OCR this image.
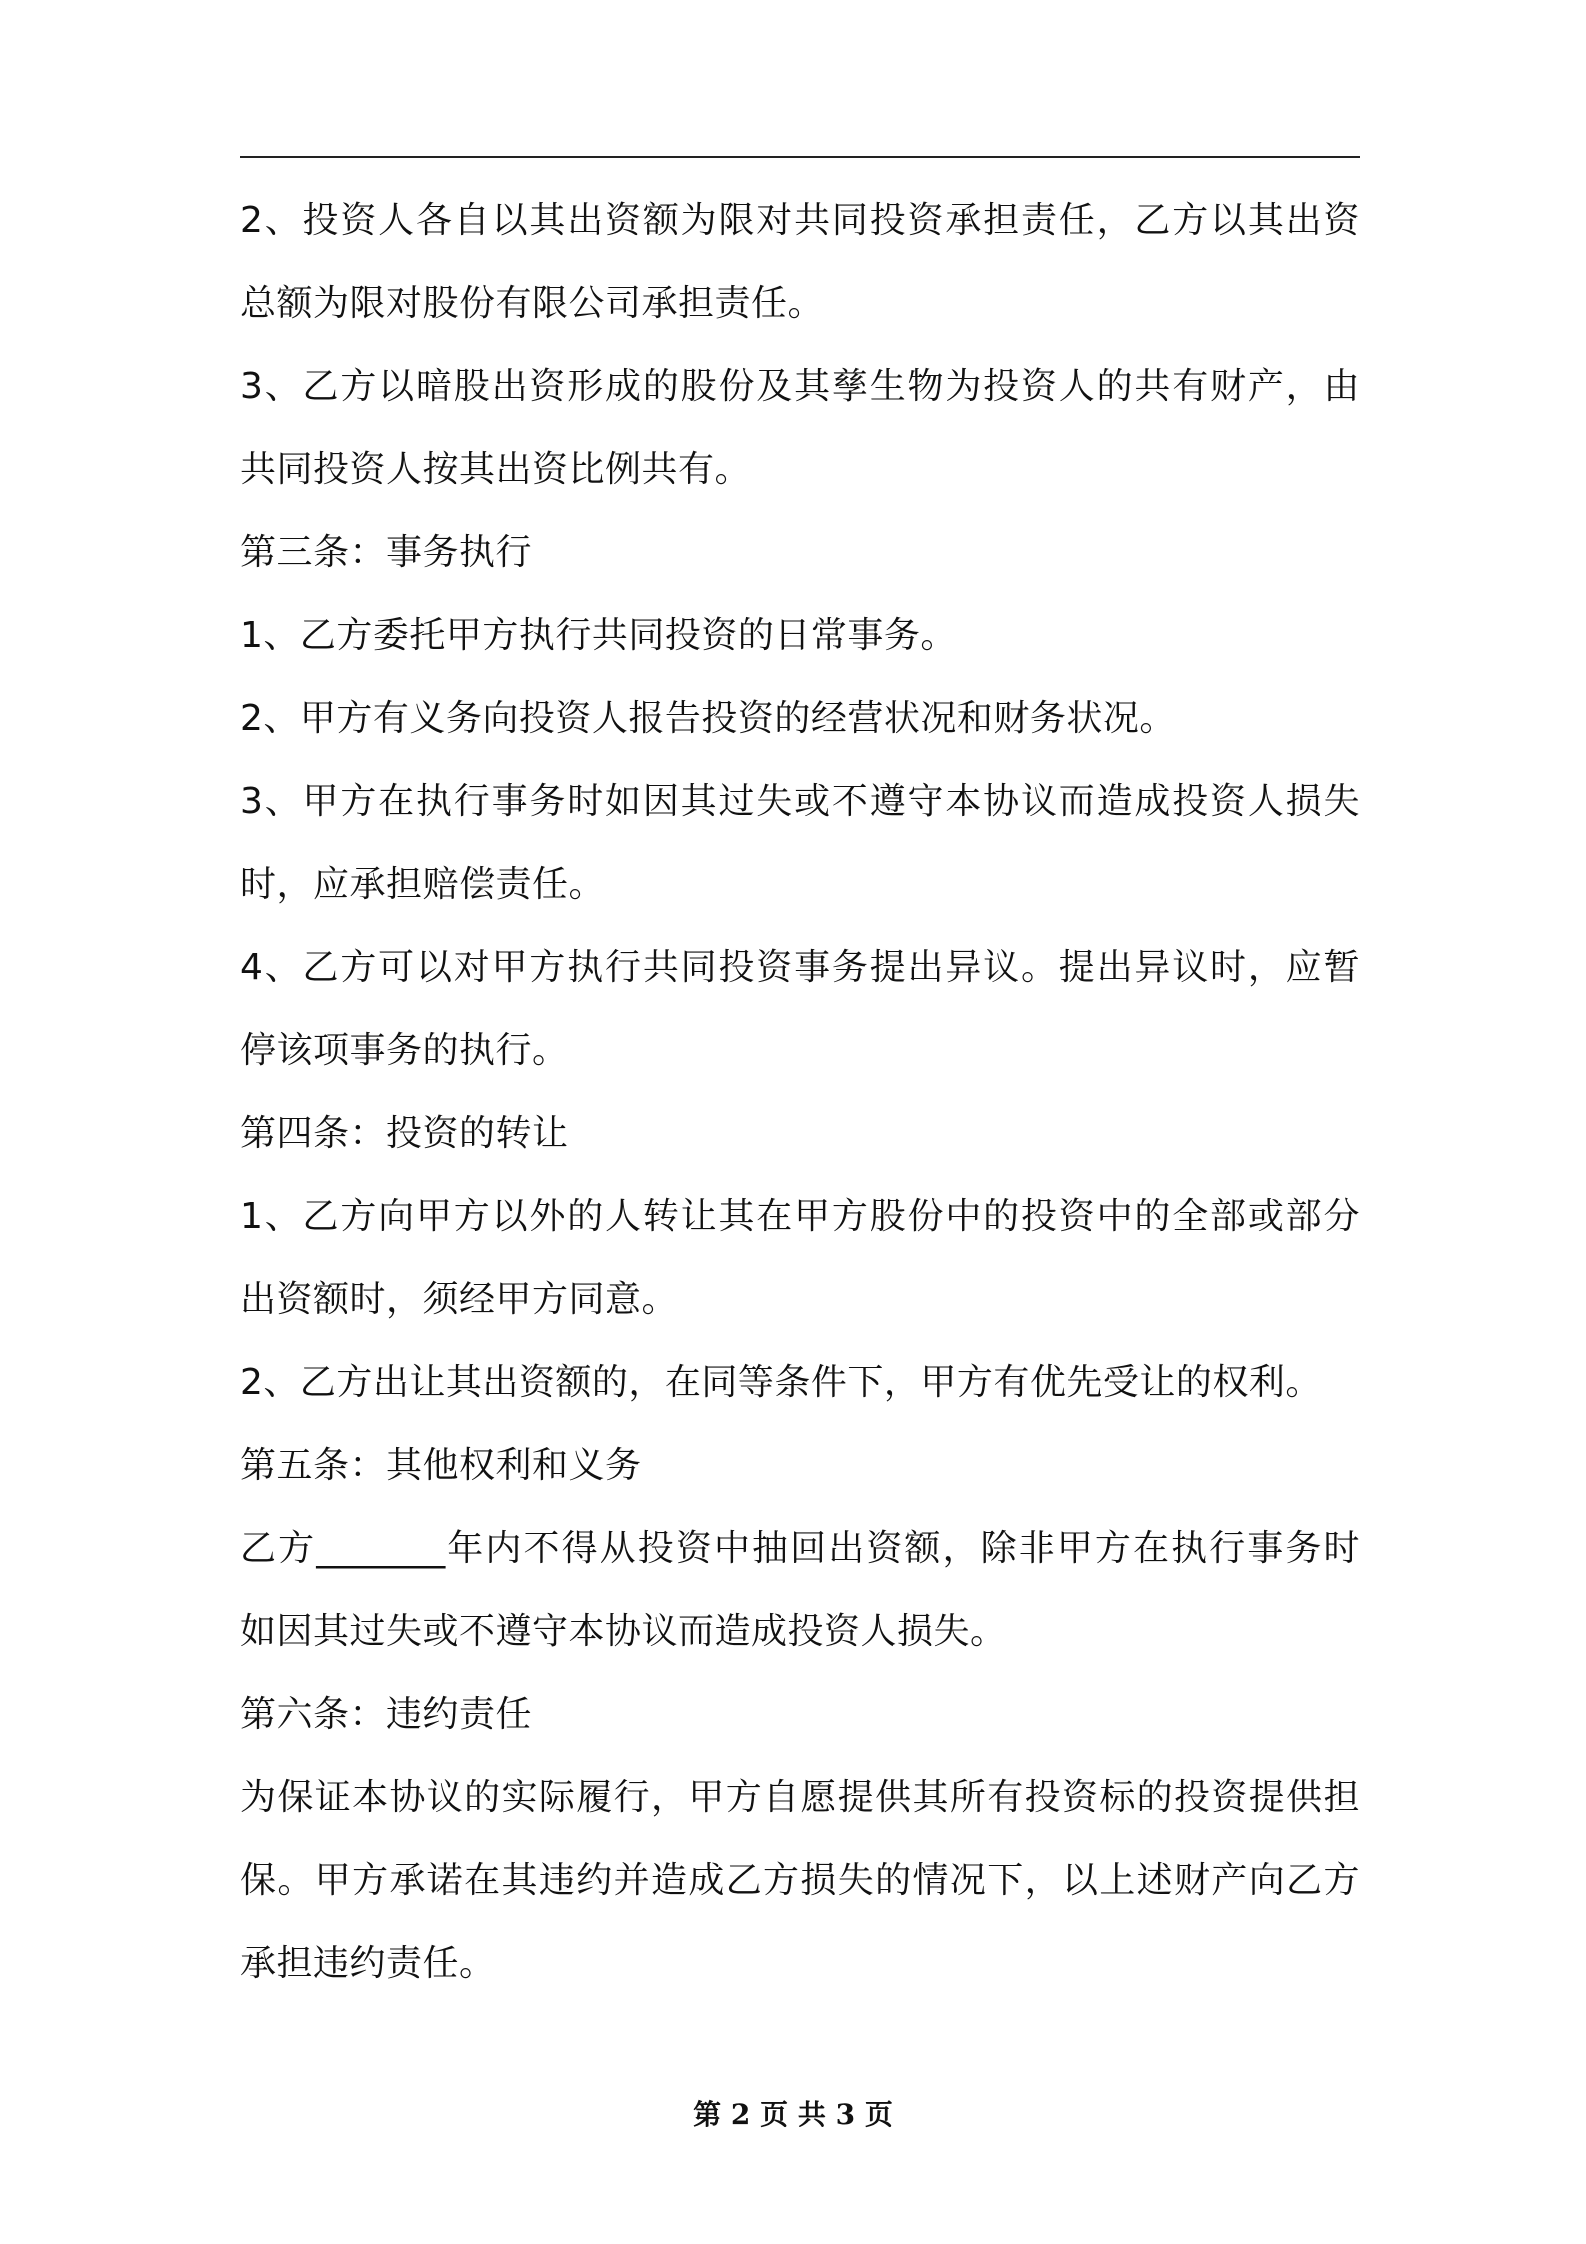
2、投资人各自以其出资额为限对共同投资承担责任，乙方以其出资
总额为限对股份有限公司承担责任。
3、乙方以暗股出资形成的股份及其孳生物为投资人的共有财产，由
共同投资人按其出资比例共有。
第三条：事务执行
1、乙方委托甲方执行共同投资的日常事务。
2、甲方有义务向投资人报告投资的经营状况和财务状况。
3、甲方在执行事务时如因其过失或不遵守本协议而造成投资人损失
时，应承担赔偿责任。
4、乙方可以对甲方执行共同投资事务提出异议。提出异议时，应暂
停该项事务的执行。
第四条：投资的转让
1、乙方向甲方以外的人转让其在甲方股份中的投资中的全部或部分
出资额时，须经甲方同意。
2、乙方出让其出资额的，在同等条件下，甲方有优先受让的权利。
第五条：其他权利和义务
乙方_______年内不得从投资中抽回出资额，除非甲方在执行事务时
如因其过失或不遵守本协议而造成投资人损失。
第六条：违约责任
为保证本协议的实际履行，甲方自愿提供其所有投资标的投资提供担
保。甲方承诺在其违约并造成乙方损失的情况下，以上述财产向乙方
承担违约责任。
第 2 页 共 3 页
